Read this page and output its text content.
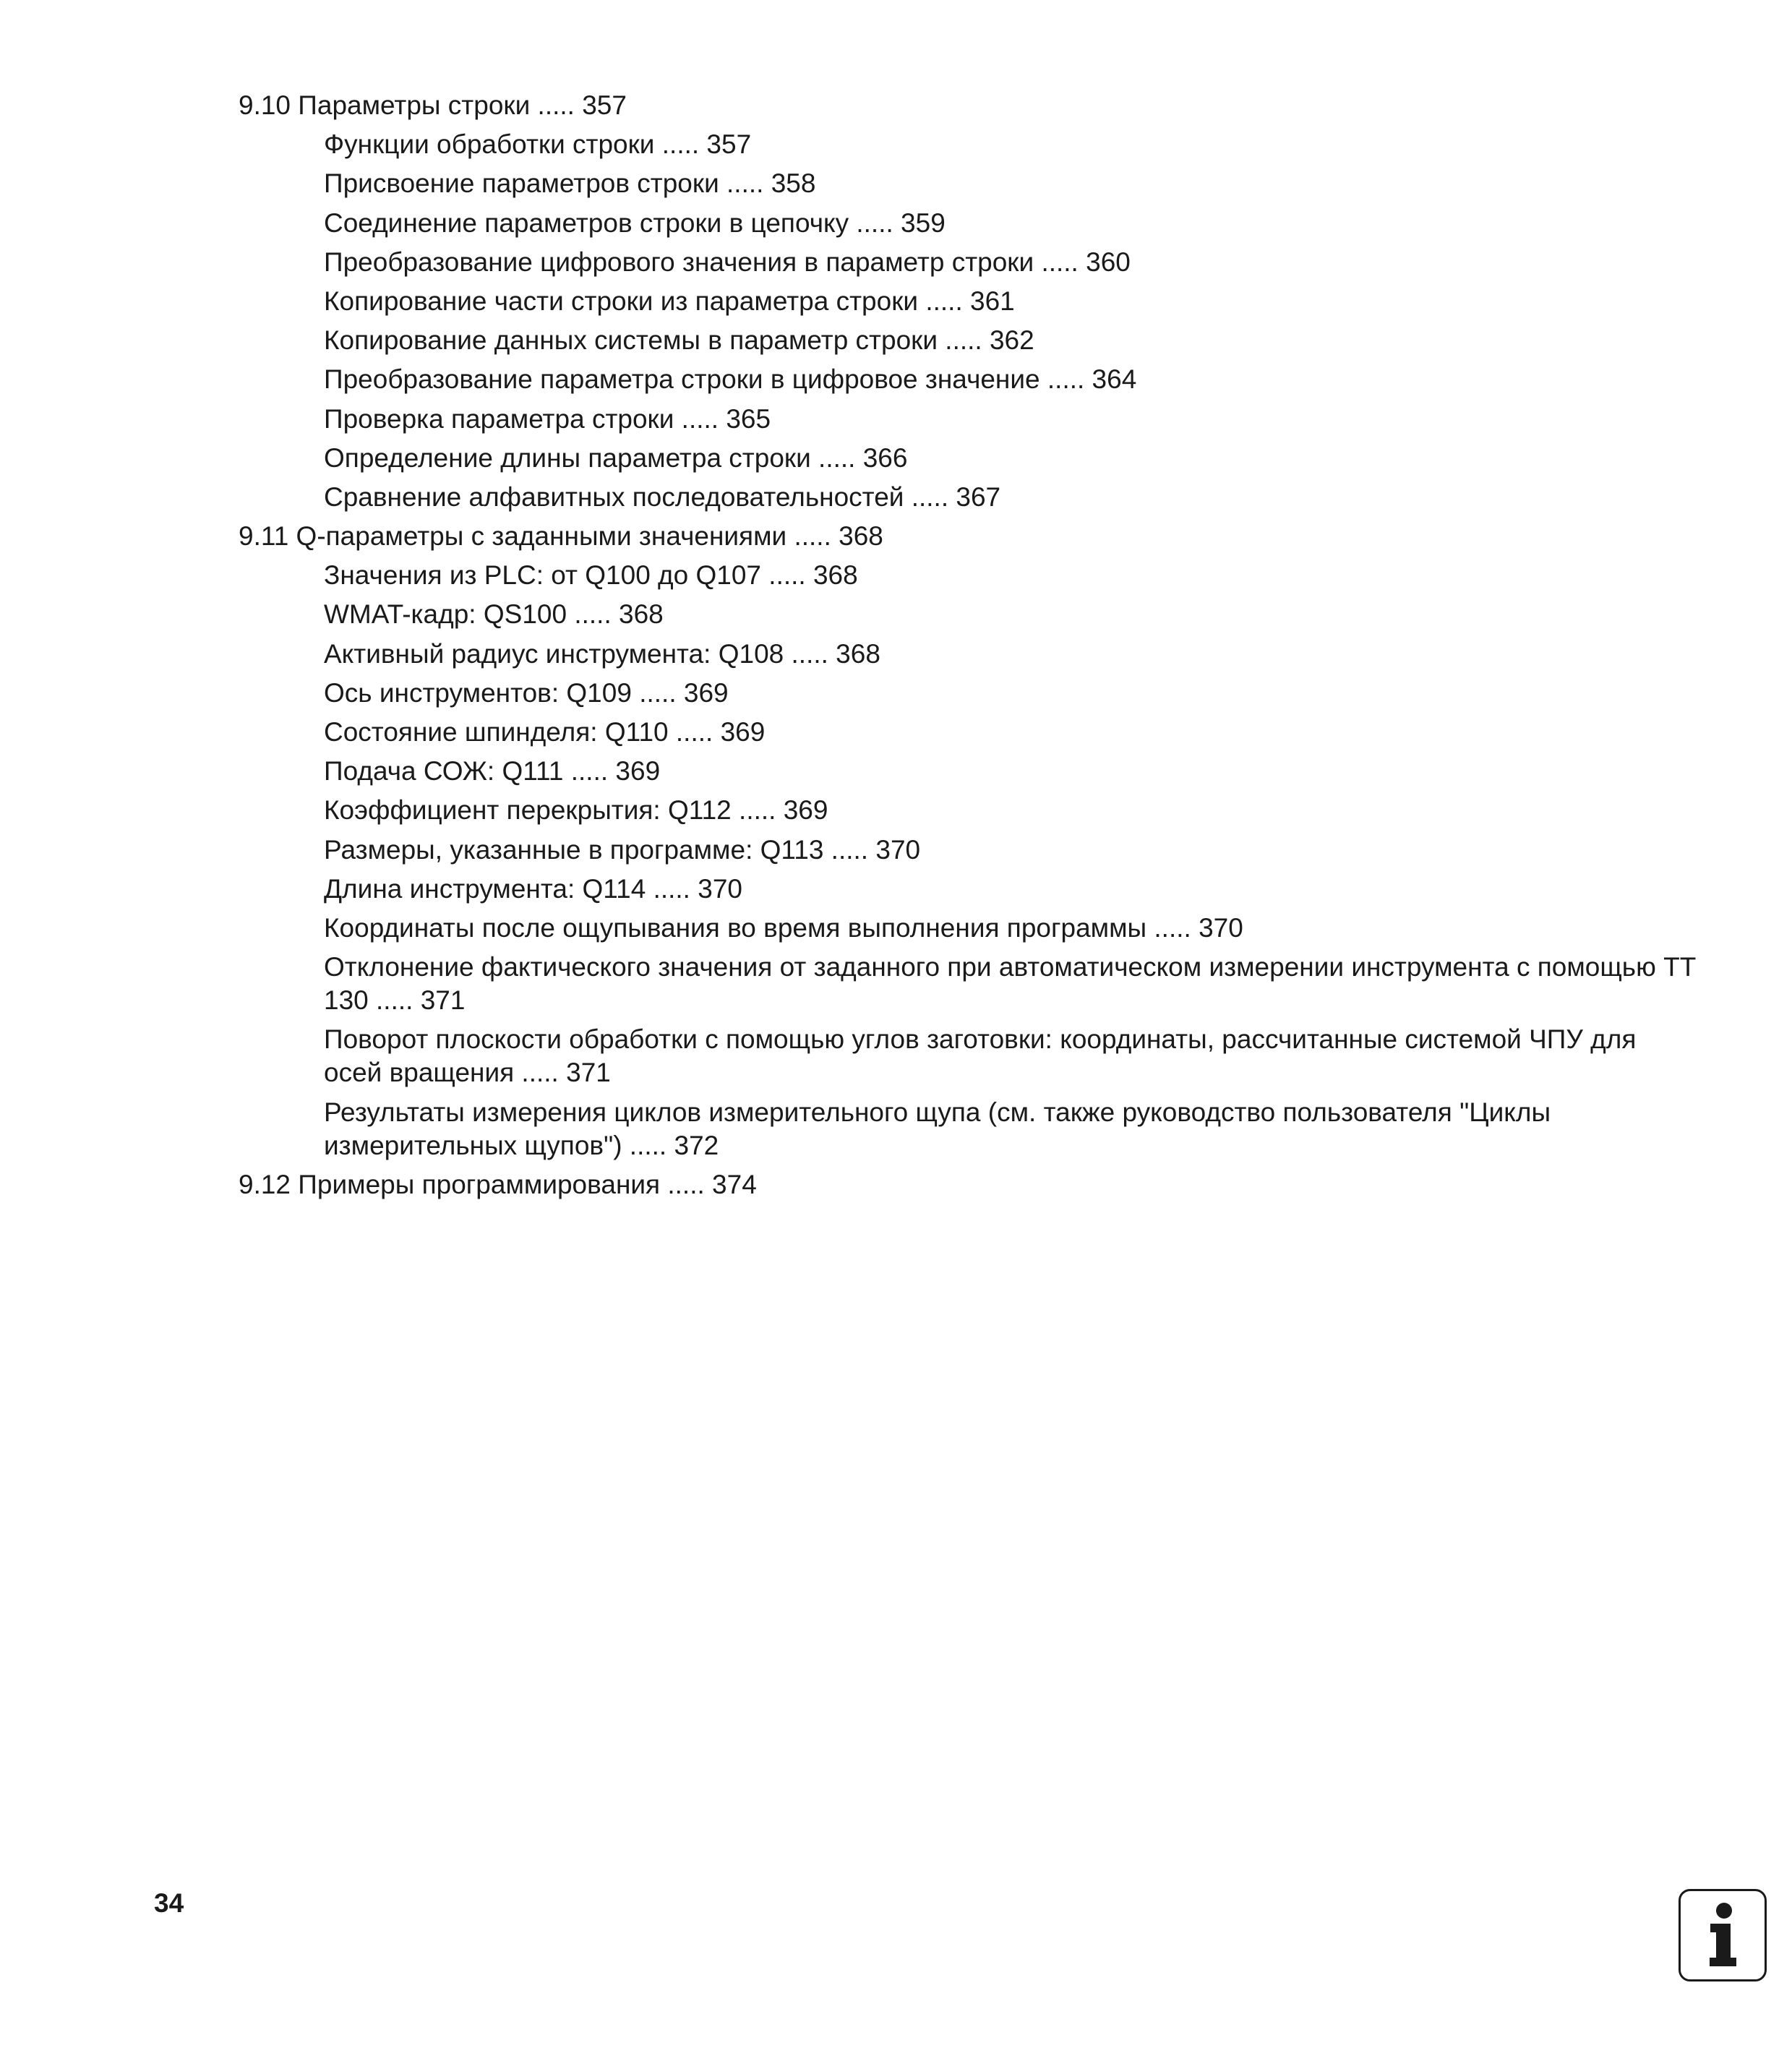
9.10 Параметры строки ..... 357
Функции обработки строки ..... 357
Присвоение параметров строки ..... 358
Соединение параметров строки в цепочку ..... 359
Преобразование цифрового значения в параметр строки ..... 360
Копирование части строки из параметра строки ..... 361
Копирование данных системы в параметр строки ..... 362
Преобразование параметра строки в цифровое значение ..... 364
Проверка параметра строки ..... 365
Определение длины параметра строки ..... 366
Сравнение алфавитных последовательностей ..... 367
9.11 Q-параметры с заданными значениями ..... 368
Значения из PLC: от Q100 до Q107 ..... 368
WMAT-кадр: QS100 ..... 368
Активный радиус инструмента: Q108 ..... 368
Ось инструментов: Q109 ..... 369
Состояние шпинделя: Q110 ..... 369
Подача СОЖ: Q111 ..... 369
Коэффициент перекрытия: Q112 ..... 369
Размеры, указанные в программе: Q113 ..... 370
Длина инструмента: Q114 ..... 370
Координаты после ощупывания во время выполнения программы ..... 370
Отклонение фактического значения от заданного при автоматическом измерении инструмента с помощью ТТ 130 ..... 371
Поворот плоскости обработки с помощью углов заготовки: координаты, рассчитанные системой ЧПУ для осей вращения ..... 371
Результаты измерения циклов измерительного щупа (см. также руководство пользователя "Циклы измерительных щупов") ..... 372
9.12 Примеры программирования ..... 374
34
